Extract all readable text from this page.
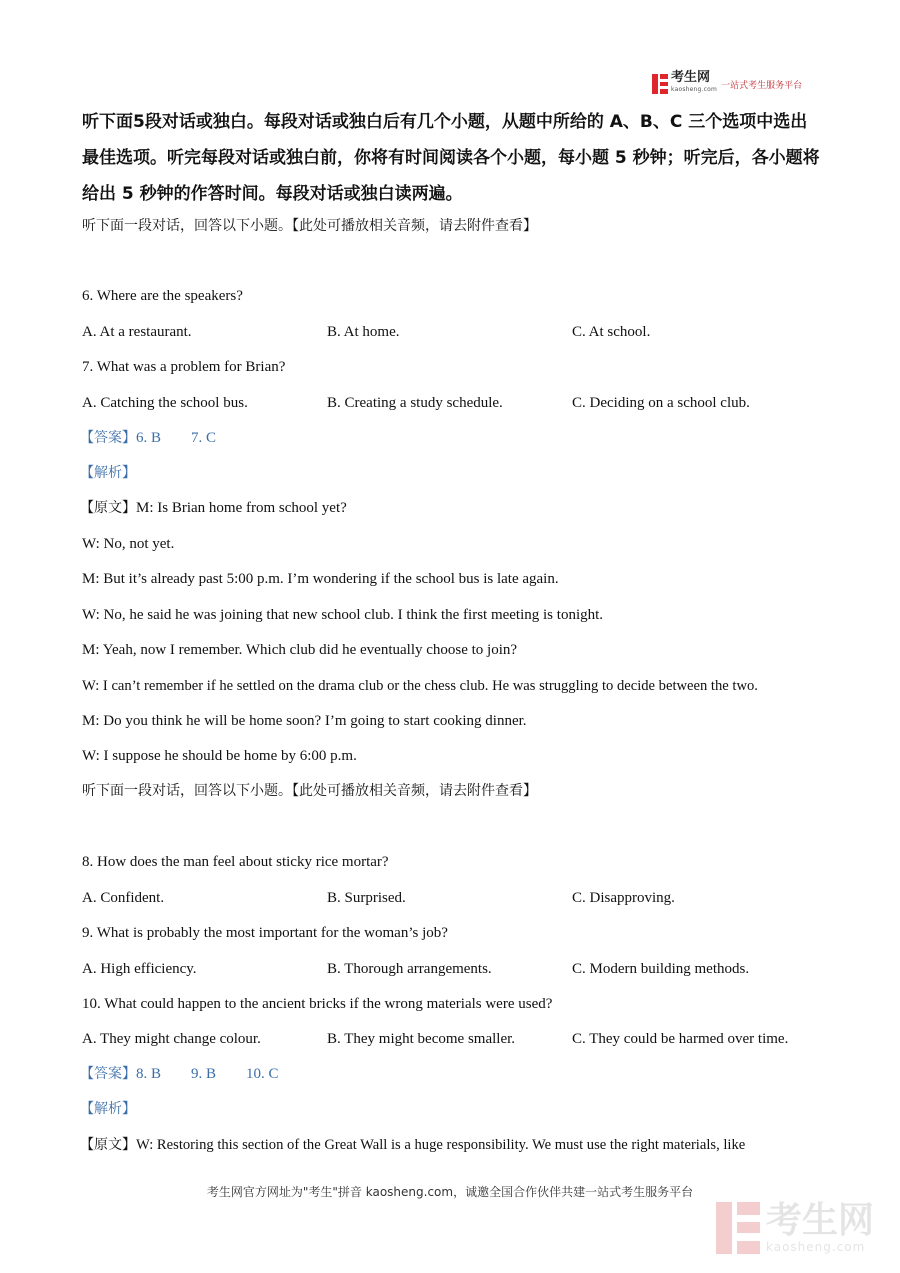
考生网
kaosheng.com 一站式考生服务平台
听下面5段对话或独白。每段对话或独白后有几个小题，从题中所给的 A、B、C 三个选项中选出最佳选项。听完每段对话或独白前，你将有时间阅读各个小题，每小题 5 秒钟；听完后，各小题将给出 5 秒钟的作答时间。每段对话或独白读两遍。
听下面一段对话，回答以下小题。【此处可播放相关音频，请去附件查看】
6. Where are the speakers?
A. At a restaurant.	B. At home.	C. At school.
7. What was a problem for Brian?
A. Catching the school bus.	B. Creating a study schedule.	C. Deciding on a school club.
【答案】6. B        7. C
【解析】
【原文】M: Is Brian home from school yet?
W: No, not yet.
M: But it’s already past 5:00 p.m. I’m wondering if the school bus is late again.
W: No, he said he was joining that new school club. I think the first meeting is tonight.
M: Yeah, now I remember. Which club did he eventually choose to join?
W: I can’t remember if he settled on the drama club or the chess club. He was struggling to decide between the two.
M: Do you think he will be home soon? I’m going to start cooking dinner.
W: I suppose he should be home by 6:00 p.m.
听下面一段对话，回答以下小题。【此处可播放相关音频，请去附件查看】
8. How does the man feel about sticky rice mortar?
A. Confident.	B. Surprised.	C. Disapproving.
9. What is probably the most important for the woman’s job?
A. High efficiency.	B. Thorough arrangements.	C. Modern building methods.
10. What could happen to the ancient bricks if the wrong materials were used?
A. They might change colour.	B. They might become smaller.	C. They could be harmed over time.
【答案】8. B        9. B        10. C
【解析】
【原文】W: Restoring this section of the Great Wall is a huge responsibility. We must use the right materials, like
考生网官方网址为"考生"拼音 kaosheng.com，诚邀全国合作伙伴共建一站式考生服务平台
考生网
kaosheng.com
